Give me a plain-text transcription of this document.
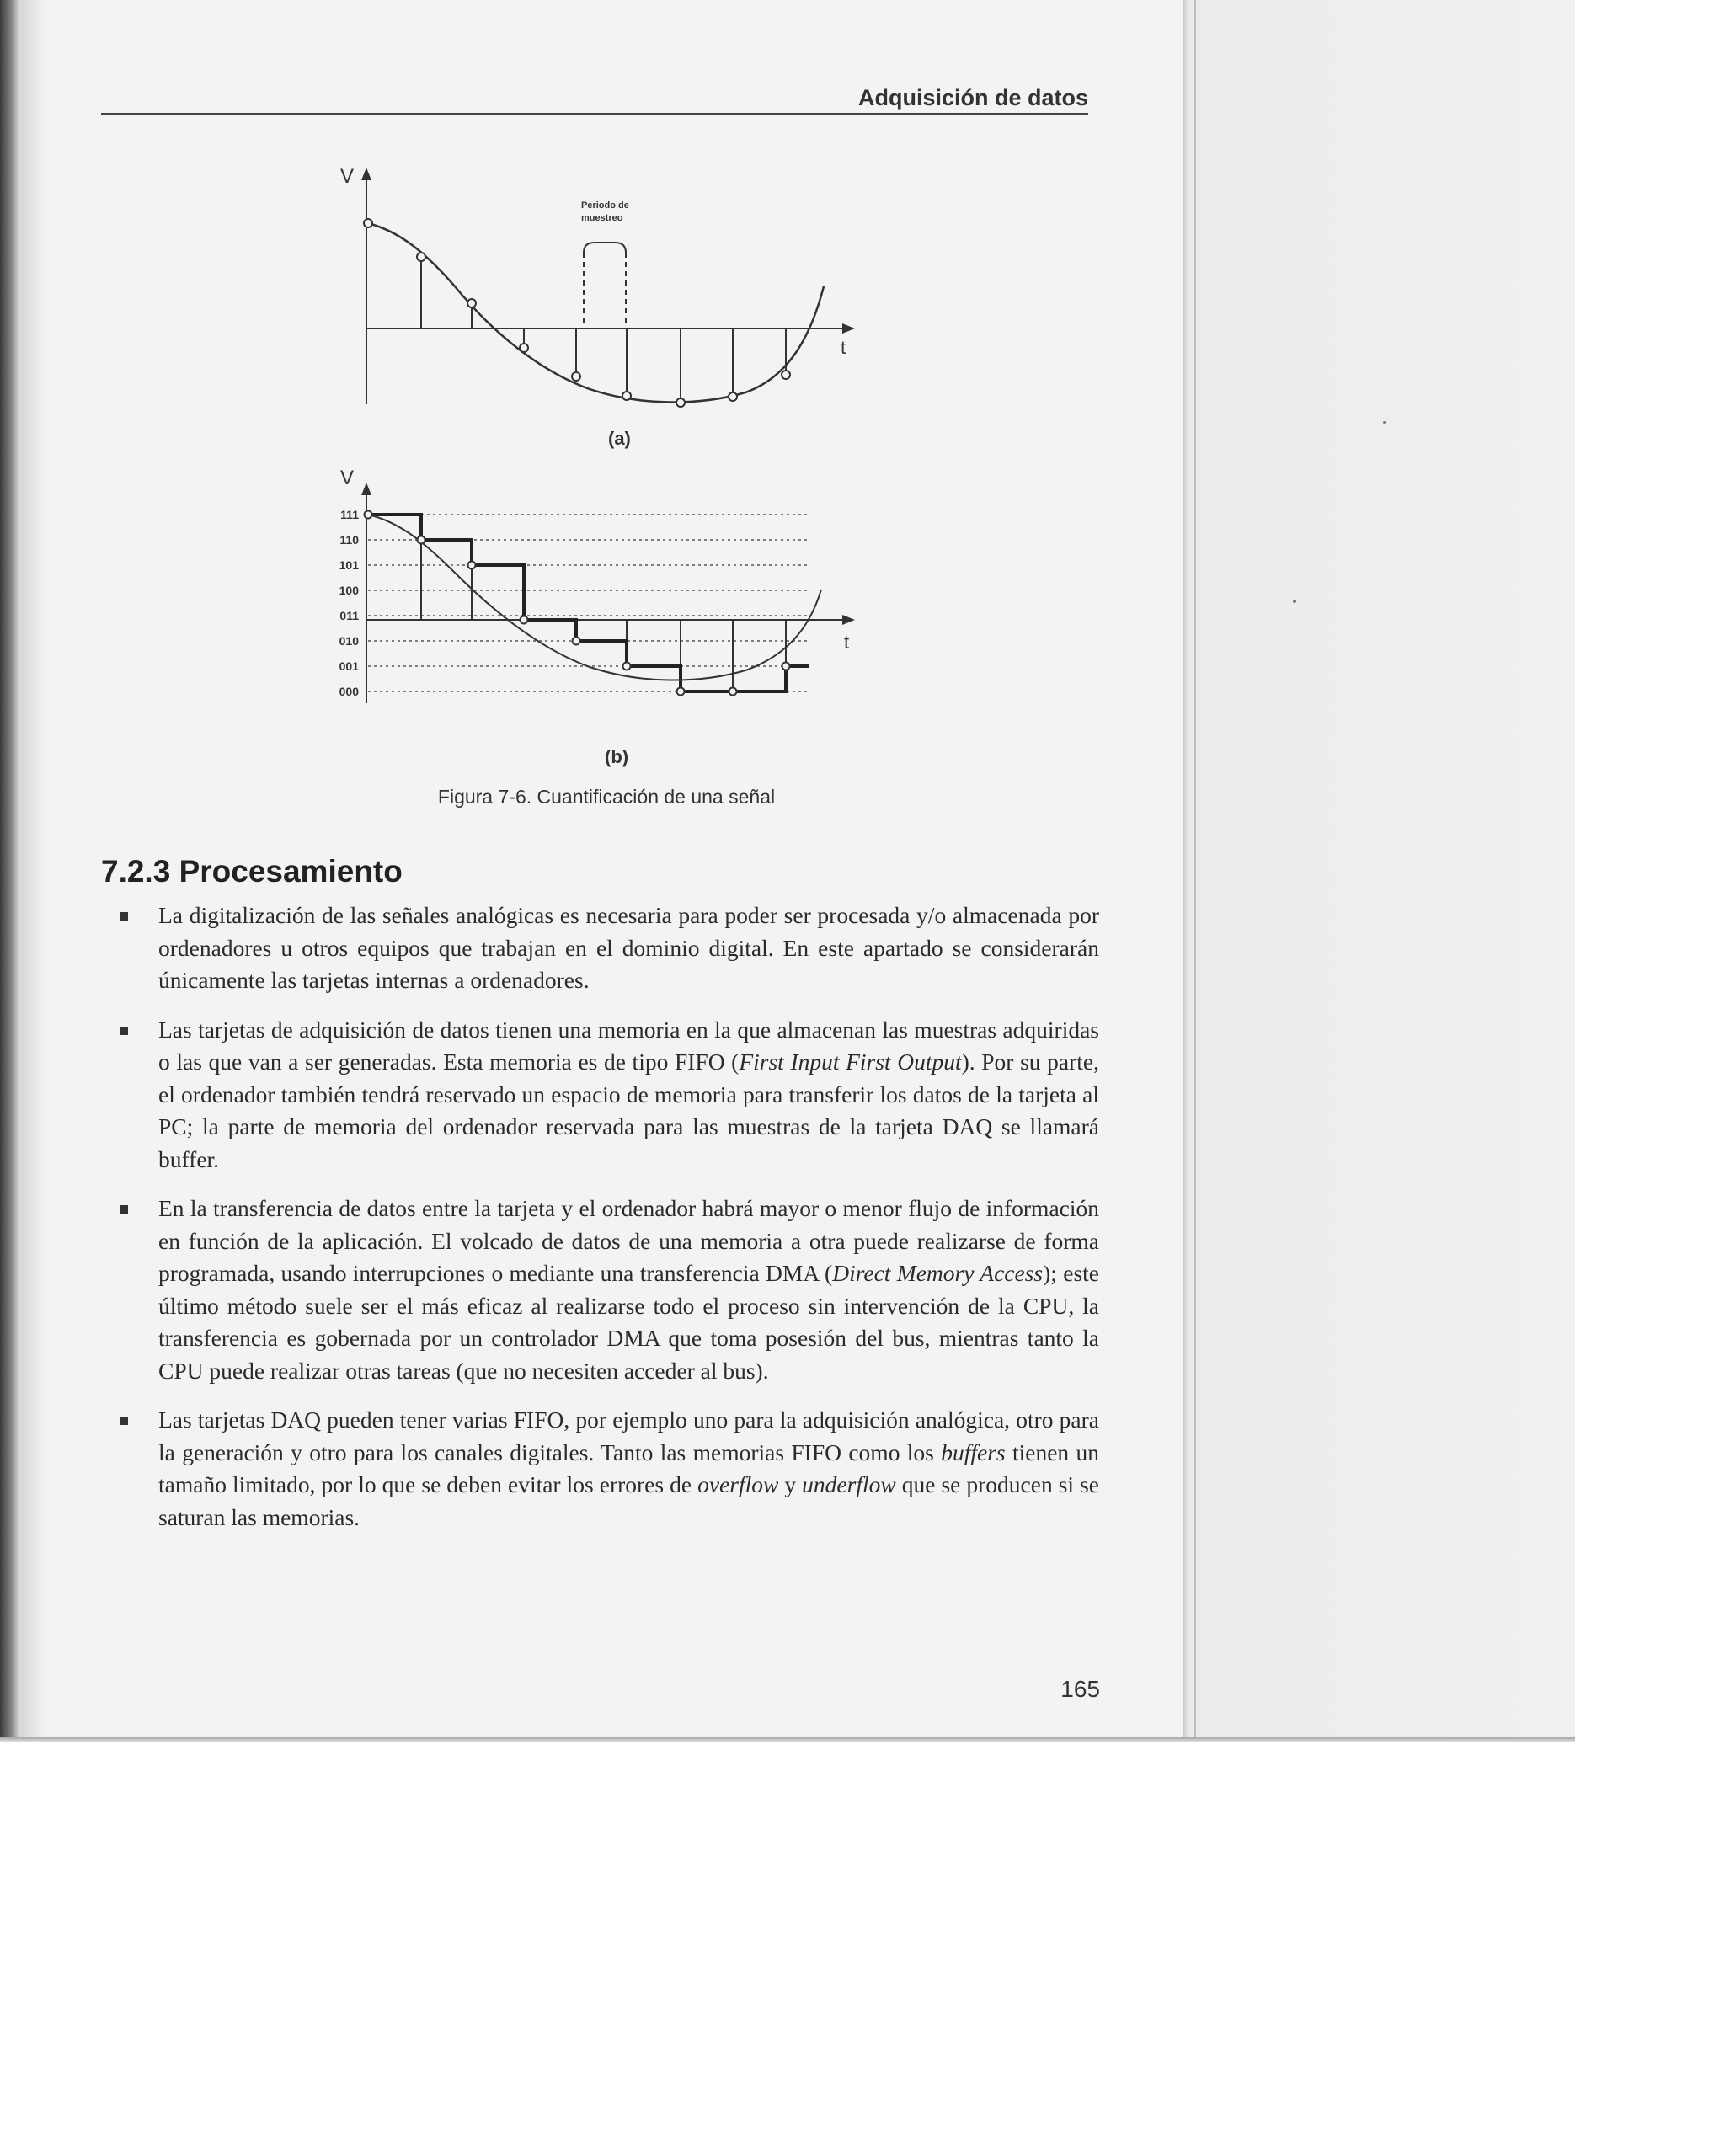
Adquisición de datos
V
t
Periodo de
muestreo
(a)
V
t
111
110
101
100
011
010
001
000
(b)
Figura 7-6. Cuantificación de una señal
7.2.3 Procesamiento
La digitalización de las señales analógicas es necesaria para poder ser procesada y/o almacenada por ordenadores u otros equipos que trabajan en el dominio digital. En este apartado se considerarán únicamente las tarjetas internas a ordenadores.
Las tarjetas de adquisición de datos tienen una memoria en la que almacenan las muestras adquiridas o las que van a ser generadas. Esta memoria es de tipo FIFO (First Input First Output). Por su parte, el ordenador también tendrá reservado un espacio de memoria para transferir los datos de la tarjeta al PC; la parte de memoria del ordenador reservada para las muestras de la tarjeta DAQ se llamará buffer.
En la transferencia de datos entre la tarjeta y el ordenador habrá mayor o menor flujo de información en función de la aplicación. El volcado de datos de una memoria a otra puede realizarse de forma programada, usando interrupciones o mediante una transferencia DMA (Direct Memory Access); este último método suele ser el más eficaz al realizarse todo el proceso sin intervención de la CPU, la transferencia es gobernada por un controlador DMA que toma posesión del bus, mientras tanto la CPU puede realizar otras tareas (que no necesiten acceder al bus).
Las tarjetas DAQ pueden tener varias FIFO, por ejemplo uno para la adquisición analógica, otro para la generación y otro para los canales digitales. Tanto las memorias FIFO como los buffers tienen un tamaño limitado, por lo que se deben evitar los errores de overflow y underflow que se producen si se saturan las memorias.
165
